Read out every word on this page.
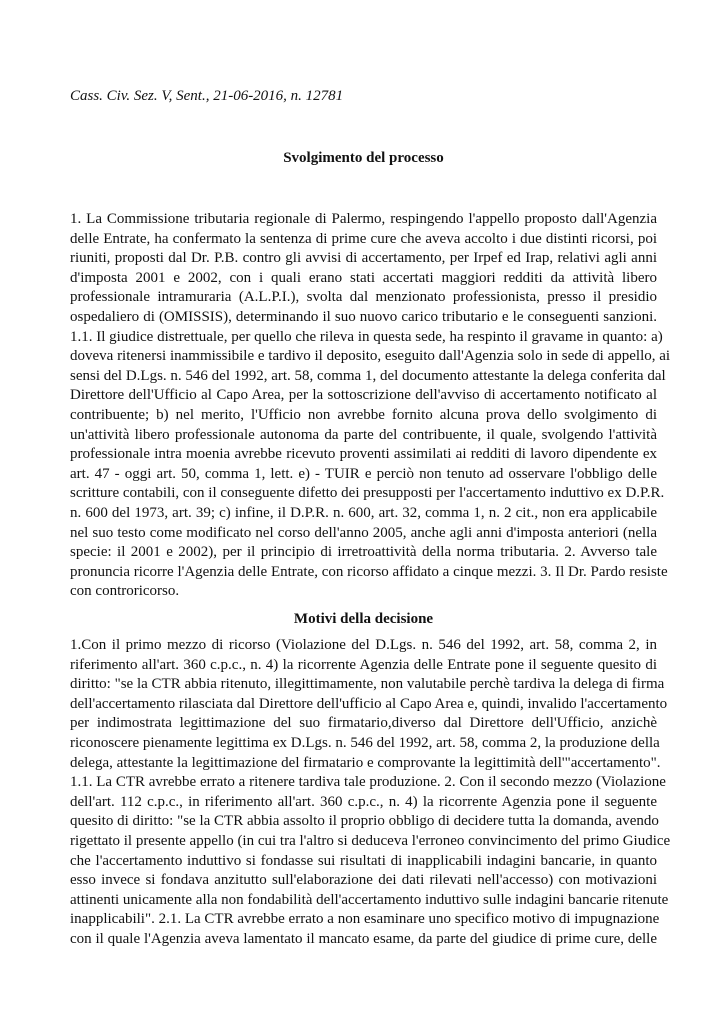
Cass. Civ. Sez. V, Sent., 21-06-2016, n. 12781

Svolgimento del processo
1. La Commissione tributaria regionale di Palermo, respingendo l'appello proposto dall'Agenzia
delle Entrate, ha confermato la sentenza di prime cure che aveva accolto i due distinti ricorsi, poi
riuniti, proposti dal Dr. P.B. contro gli avvisi di accertamento, per Irpef ed Irap, relativi agli anni
d'imposta 2001 e 2002, con i quali erano stati accertati maggiori redditi da attività libero
professionale intramuraria (A.L.P.I.), svolta dal menzionato professionista, presso il presidio
ospedaliero di (OMISSIS), determinando il suo nuovo carico tributario e le conseguenti sanzioni.
1.1. Il giudice distrettuale, per quello che rileva in questa sede, ha respinto il gravame in quanto: a)
doveva ritenersi inammissibile e tardivo il deposito, eseguito dall'Agenzia solo in sede di appello, ai
sensi del D.Lgs. n. 546 del 1992, art. 58, comma 1, del documento attestante la delega conferita dal
Direttore dell'Ufficio al Capo Area, per la sottoscrizione dell'avviso di accertamento notificato al
contribuente; b) nel merito, l'Ufficio non avrebbe fornito alcuna prova dello svolgimento di
un'attività libero professionale autonoma da parte del contribuente, il quale, svolgendo l'attività
professionale intra moenia avrebbe ricevuto proventi assimilati ai redditi di lavoro dipendente ex
art. 47 - oggi art. 50, comma 1, lett. e) - TUIR e perciò non tenuto ad osservare l'obbligo delle
scritture contabili, con il conseguente difetto dei presupposti per l'accertamento induttivo ex D.P.R.
n. 600 del 1973, art. 39; c) infine, il D.P.R. n. 600, art. 32, comma 1, n. 2 cit., non era applicabile
nel suo testo come modificato nel corso dell'anno 2005, anche agli anni d'imposta anteriori (nella
specie: il 2001 e 2002), per il principio di irretroattività della norma tributaria. 2. Avverso tale
pronuncia ricorre l'Agenzia delle Entrate, con ricorso affidato a cinque mezzi. 3. Il Dr. Pardo resiste
con controricorso.
Motivi della decisione
1.Con il primo mezzo di ricorso (Violazione del D.Lgs. n. 546 del 1992, art. 58, comma 2, in
riferimento all'art. 360 c.p.c., n. 4) la ricorrente Agenzia delle Entrate pone il seguente quesito di
diritto: "se la CTR abbia ritenuto, illegittimamente, non valutabile perchè tardiva la delega di firma
dell'accertamento rilasciata dal Direttore dell'ufficio al Capo Area e, quindi, invalido l'accertamento
per indimostrata legittimazione del suo firmatario,diverso dal Direttore dell'Ufficio, anzichè
riconoscere pienamente legittima ex D.Lgs. n. 546 del 1992, art. 58, comma 2, la produzione della
delega, attestante la legittimazione del firmatario e comprovante la legittimità dell'"accertamento".
1.1. La CTR avrebbe errato a ritenere tardiva tale produzione. 2. Con il secondo mezzo (Violazione
dell'art. 112 c.p.c., in riferimento all'art. 360 c.p.c., n. 4) la ricorrente Agenzia pone il seguente
quesito di diritto: "se la CTR abbia assolto il proprio obbligo di decidere tutta la domanda, avendo
rigettato il presente appello (in cui tra l'altro si deduceva l'erroneo convincimento del primo Giudice
che l'accertamento induttivo si fondasse sui risultati di inapplicabili indagini bancarie, in quanto
esso invece si fondava anzitutto sull'elaborazione dei dati rilevati nell'accesso) con motivazioni
attinenti unicamente alla non fondabilità dell'accertamento induttivo sulle indagini bancarie ritenute
inapplicabili". 2.1. La CTR avrebbe errato a non esaminare uno specifico motivo di impugnazione
con il quale l'Agenzia aveva lamentato il mancato esame, da parte del giudice di prime cure, delle
